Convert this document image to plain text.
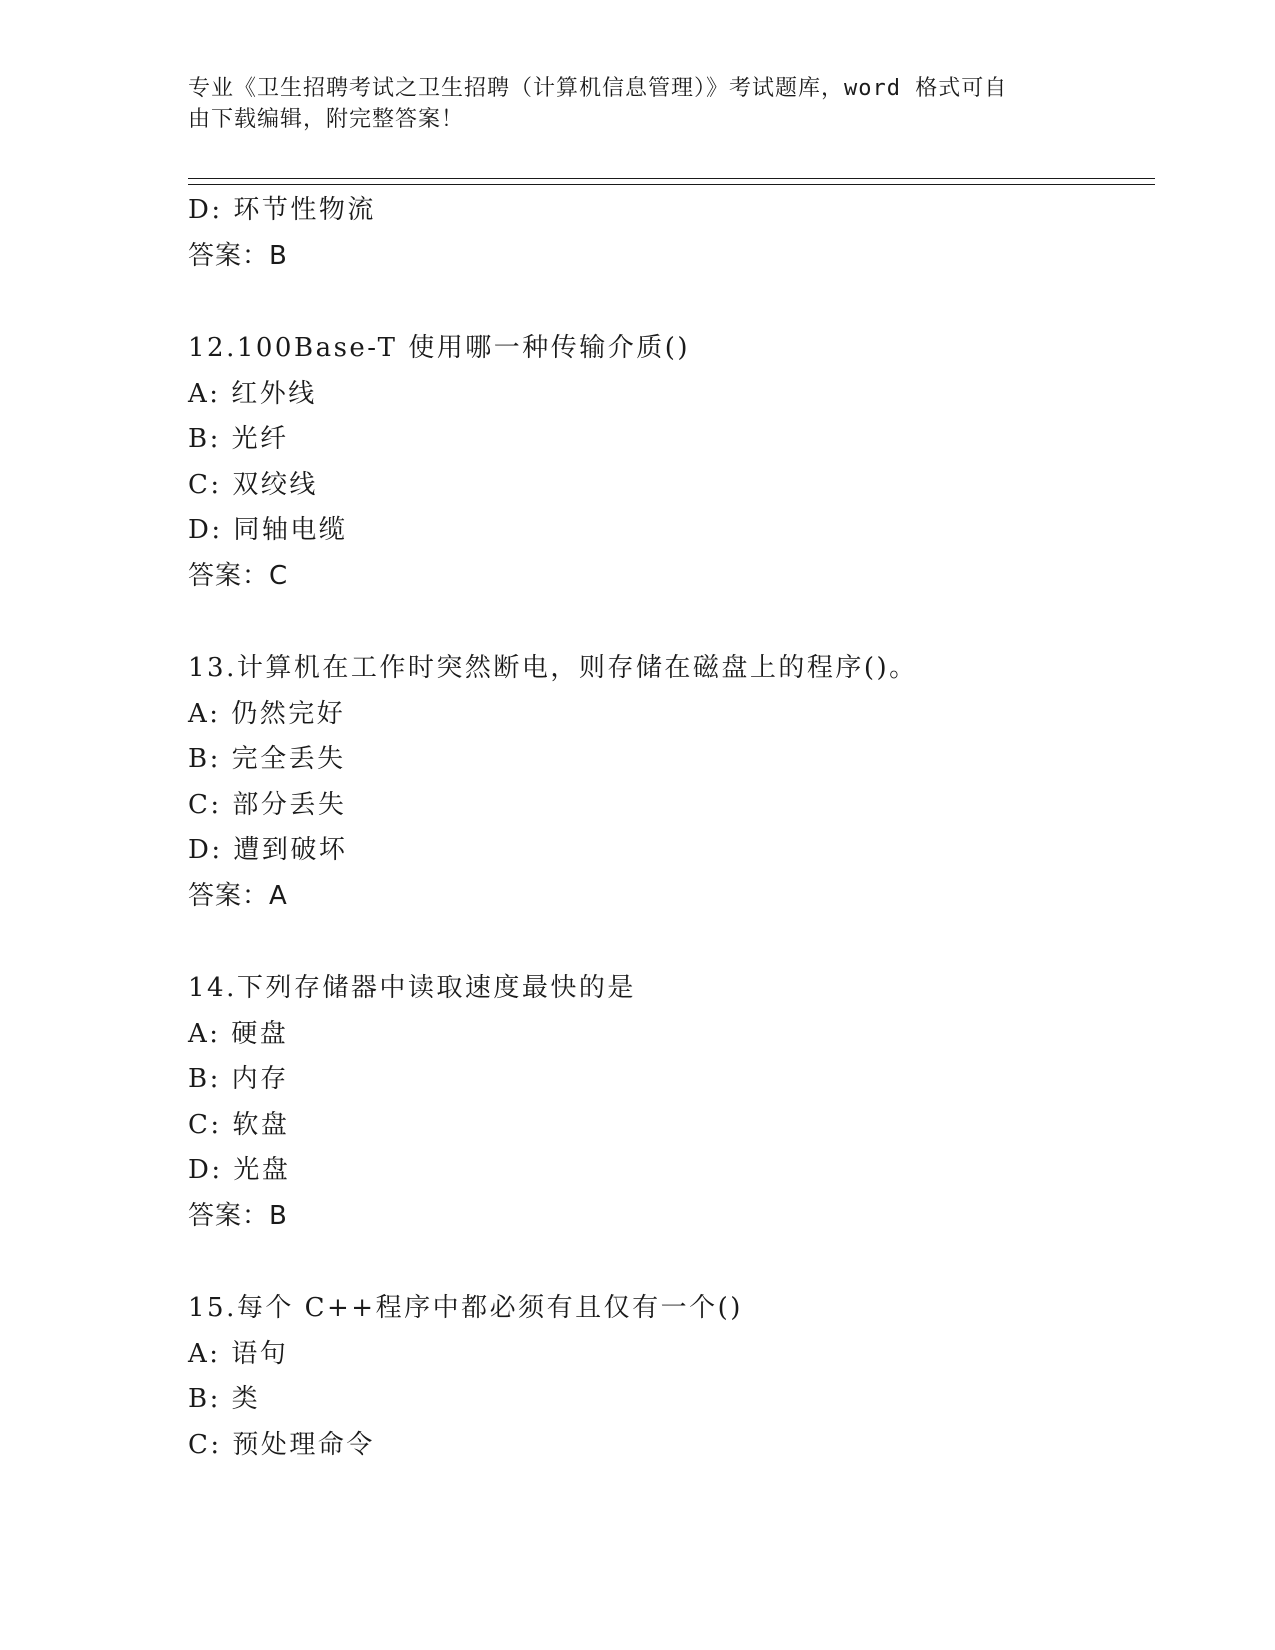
专业《卫生招聘考试之卫生招聘（计算机信息管理）》考试题库，word 格式可自
由下载编辑，附完整答案！
D: 环节性物流
答案：B
12.100Base-T 使用哪一种传输介质()
A: 红外线
B: 光纤
C: 双绞线
D: 同轴电缆
答案：C
13.计算机在工作时突然断电，则存储在磁盘上的程序()。
A: 仍然完好
B: 完全丢失
C: 部分丢失
D: 遭到破坏
答案：A
14.下列存储器中读取速度最快的是
A: 硬盘
B: 内存
C: 软盘
D: 光盘
答案：B
15.每个 C++程序中都必须有且仅有一个()
A: 语句
B: 类
C: 预处理命令
